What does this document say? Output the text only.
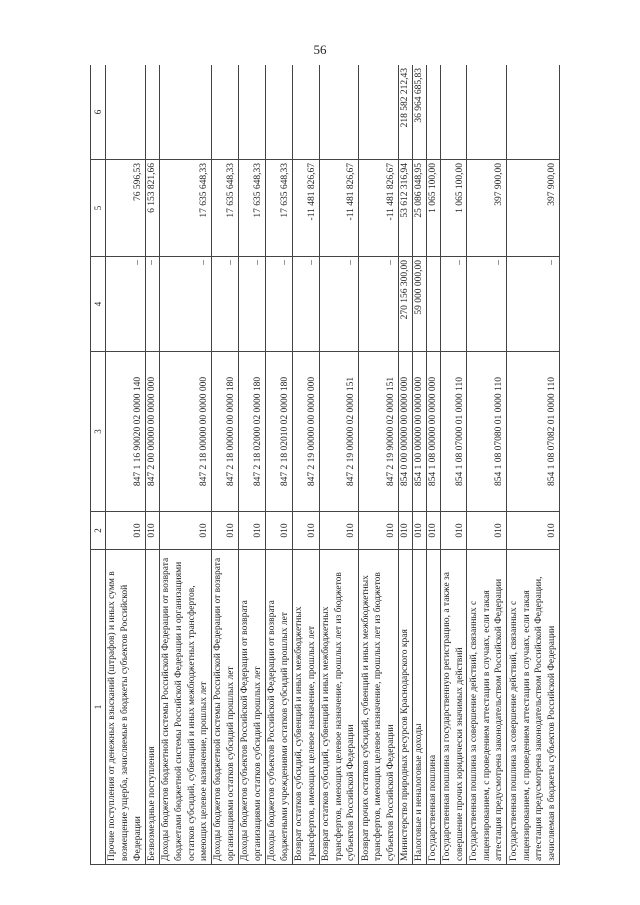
56
1	2	3	4	5	6
Прочие поступления от денежных взысканий (штрафов) и иных сумм в возмещение ущерба, зачисляемые в бюджеты субъектов Российской Федерации	010	847 1 16 90020 02 0000 140	–	76 596,53	
Безвозмездные поступления	010	847 2 00 00000 00 0000 000	–	6 153 821,66	
Доходы бюджетов бюджетной системы Российской Федерации от возврата бюджетами бюджетной системы Российской Федерации и организациями остатков субсидий, субвенций и иных межбюджетных трансфертов, имеющих целевое назначение, прошлых лет	010	847 2 18 00000 00 0000 000	–	17 635 648,33	
Доходы бюджетов бюджетной системы Российской Федерации от возврата организациями остатков субсидий прошлых лет	010	847 2 18 00000 00 0000 180	–	17 635 648,33	
Доходы бюджетов субъектов Российской Федерации от возврата организациями остатков субсидий прошлых лет	010	847 2 18 02000 02 0000 180	–	17 635 648,33	
Доходы бюджетов субъектов Российской Федерации от возврата бюджетными учреждениями остатков субсидий прошлых лет	010	847 2 18 02010 02 0000 180	–	17 635 648,33	
Возврат остатков субсидий, субвенций и иных межбюджетных трансфертов, имеющих целевое назначение, прошлых лет	010	847 2 19 00000 00 0000 000	–	-11 481 826,67	
Возврат остатков субсидий, субвенций и иных межбюджетных трансфертов, имеющих целевое назначение, прошлых лет из бюджетов субъектов Российской Федерации	010	847 2 19 00000 02 0000 151	–	-11 481 826,67	
Возврат прочих остатков субсидий, субвенций и иных межбюджетных трансфертов, имеющих целевое назначение, прошлых лет из бюджетов субъектов Российской Федерации	010	847 2 19 90000 02 0000 151	–	-11 481 826,67	
Министерство природных ресурсов Краснодарского края	010	854 0 00 00000 00 0000 000	270 156 300,00	53 612 316,94	218 582 212,43
Налоговые и неналоговые доходы	010	854 1 00 00000 00 0000 000	59 000 000,00	25 086 048,95	36 964 685,83
Государственная пошлина	010	854 1 08 00000 00 0000 000		1 065 100,00	
Государственная пошлина за государственную регистрацию, а также за совершение прочих юридически значимых действий	010	854 1 08 07000 01 0000 110	–	1 065 100,00	
Государственная пошлина за совершение действий, связанных с лицензированием, с проведением аттестации в случаях, если такая аттестация предусмотрена законодательством Российской Федерации	010	854 1 08 07080 01 0000 110	–	397 900,00	
Государственная пошлина за совершение действий, связанных с лицензированием, с проведением аттестации в случаях, если такая аттестация предусмотрена законодательством Российской Федерации, зачисляемая в бюджеты субъектов Российской Федерации	010	854 1 08 07082 01 0000 110	–	397 900,00	
